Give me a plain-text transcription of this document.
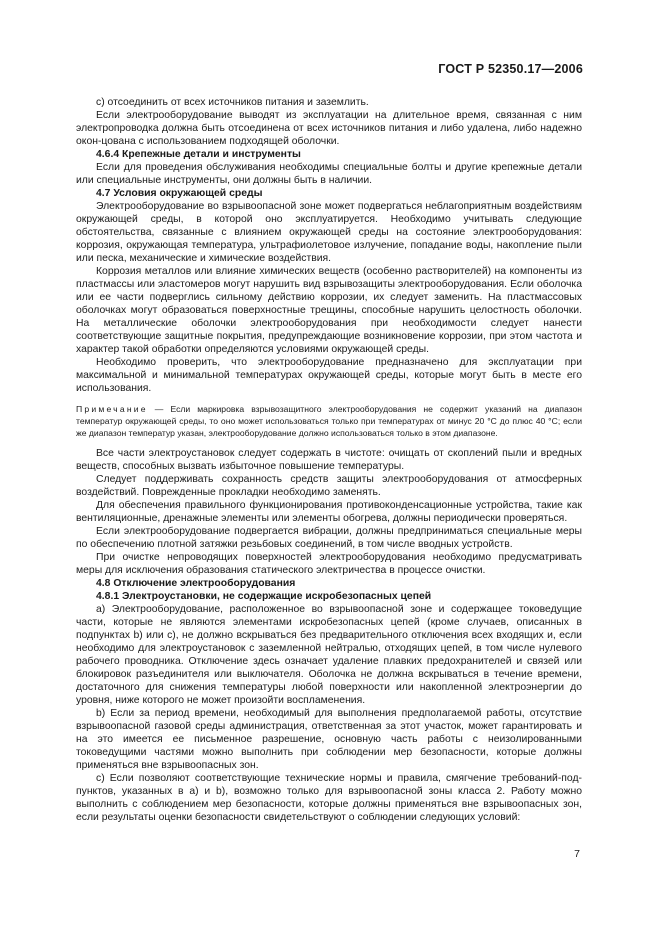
ГОСТ Р 52350.17—2006

с) отсоединить от всех источников питания и заземлить.

Если электрооборудование выводят из эксплуатации на длительное время, связанная с ним электропроводка должна быть отсоединена от всех источников питания и либо удалена, либо надежно окон-цована с использованием подходящей оболочки.

4.6.4 Крепежные детали и инструменты

Если для проведения обслуживания необходимы специальные болты и другие крепежные детали или специальные инструменты, они должны быть в наличии.

4.7 Условия окружающей среды

Электрооборудование во взрывоопасной зоне может подвергаться неблагоприятным воздействиям окружающей среды, в которой оно эксплуатируется. Необходимо учитывать следующие обстоятельства, связанные с влиянием окружающей среды на состояние электрооборудования: коррозия, окружающая температура, ультрафиолетовое излучение, попадание воды, накопление пыли или песка, механические и химические воздействия.

Коррозия металлов или влияние химических веществ (особенно растворителей) на компоненты из пластмассы или эластомеров могут нарушить вид взрывозащиты электрооборудования. Если оболочка или ее части подверглись сильному действию коррозии, их следует заменить. На пластмассовых оболочках могут образоваться поверхностные трещины, способные нарушить целостность оболочки. На металлические оболочки электрооборудования при необходимости следует нанести соответствующие защитные покрытия, предупреждающие возникновение коррозии, при этом частота и характер такой обработки определяются условиями окружающей среды.

Необходимо проверить, что электрооборудование предназначено для эксплуатации при максимальной и минимальной температурах окружающей среды, которые могут быть в месте его использования.

Примечание — Если маркировка взрывозащитного электрооборудования не содержит указаний на диапазон температур окружающей среды, то оно может использоваться только при температурах от минус 20 °С до плюс 40 °С; если же диапазон температур указан, электрооборудование должно использоваться только в этом диапазоне.

Все части электроустановок следует содержать в чистоте: очищать от скоплений пыли и вредных веществ, способных вызвать избыточное повышение температуры.

Следует поддерживать сохранность средств защиты электрооборудования от атмосферных воздействий. Поврежденные прокладки необходимо заменять.

Для обеспечения правильного функционирования противоконденсационные устройства, такие как вентиляционные, дренажные элементы или элементы обогрева, должны периодически проверяться.

Если электрооборудование подвергается вибрации, должны предприниматься специальные меры по обеспечению плотной затяжки резьбовых соединений, в том числе вводных устройств.

При очистке непроводящих поверхностей электрооборудования необходимо предусматривать меры для исключения образования статического электричества в процессе очистки.

4.8 Отключение электрооборудования
4.8.1 Электроустановки, не содержащие искробезопасных цепей

а) Электрооборудование, расположенное во взрывоопасной зоне и содержащее токоведущие части, которые не являются элементами искробезопасных цепей (кроме случаев, описанных в подпунктах b) или с), не должно вскрываться без предварительного отключения всех входящих и, если необходимо для электроустановок с заземленной нейтралью, отходящих цепей, в том числе нулевого рабочего проводника. Отключение здесь означает удаление плавких предохранителей и связей или блокировок разъединителя или выключателя. Оболочка не должна вскрываться в течение времени, достаточного для снижения температуры любой поверхности или накопленной электроэнергии до уровня, ниже которого не может произойти воспламенения.

b) Если за период времени, необходимый для выполнения предполагаемой работы, отсутствие взрывоопасной газовой среды администрация, ответственная за этот участок, может гарантировать и на это имеется ее письменное разрешение, основную часть работы с неизолированными токоведущими частями можно выполнить при соблюдении мер безопасности, которые должны применяться вне взрывоопасных зон.

с) Если позволяют соответствующие технические нормы и правила, смягчение требований-под-пунктов, указанных в а) и b), возможно только для взрывоопасной зоны класса 2. Работу можно выполнить с соблюдением мер безопасности, которые должны применяться вне взрывоопасных зон, если результаты оценки безопасности свидетельствуют о соблюдении следующих условий:

7
